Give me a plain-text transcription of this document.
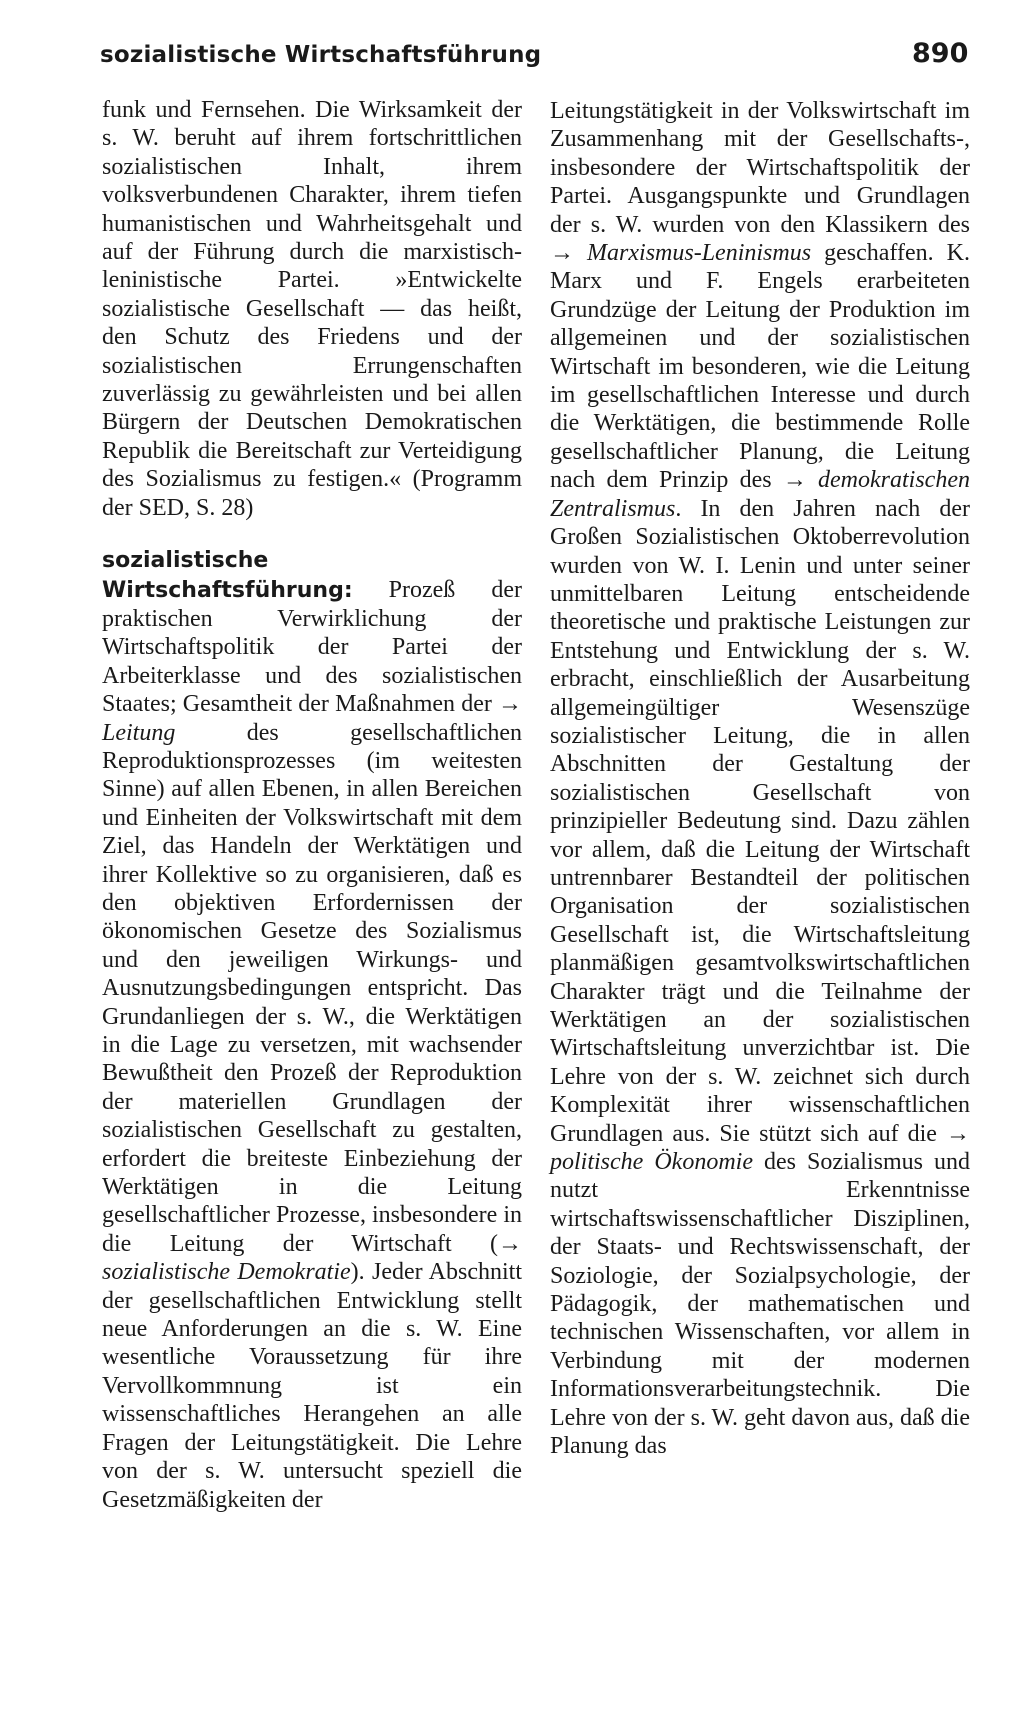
sozialistische Wirtschaftsführung	890

funk und Fernsehen. Die Wirksamkeit der s. W. beruht auf ihrem fortschrittlichen sozialistischen Inhalt, ihrem volksverbundenen Charakter, ihrem tiefen humanistischen und Wahrheitsgehalt und auf der Führung durch die marxistisch-leninistische Partei. »Entwickelte sozialistische Gesellschaft — das heißt, den Schutz des Friedens und der sozialistischen Errungenschaften zuverlässig zu gewährleisten und bei allen Bürgern der Deutschen Demokratischen Republik die Bereitschaft zur Verteidigung des Sozialismus zu festigen.« (Programm der SED, S. 28)

sozialistische Wirtschaftsführung: Prozeß der praktischen Verwirklichung der Wirtschaftspolitik der Partei der Arbeiterklasse und des sozialistischen Staates; Gesamtheit der Maßnahmen der → Leitung des gesellschaftlichen Reproduktionsprozesses (im weitesten Sinne) auf allen Ebenen, in allen Bereichen und Einheiten der Volkswirtschaft mit dem Ziel, das Handeln der Werktätigen und ihrer Kollektive so zu organisieren, daß es den objektiven Erfordernissen der ökonomischen Gesetze des Sozialismus und den jeweiligen Wirkungs- und Ausnutzungsbedingungen entspricht. Das Grundanliegen der s. W., die Werktätigen in die Lage zu versetzen, mit wachsender Bewußtheit den Prozeß der Reproduktion der materiellen Grundlagen der sozialistischen Gesellschaft zu gestalten, erfordert die breiteste Einbeziehung der Werktätigen in die Leitung gesellschaftlicher Prozesse, insbesondere in die Leitung der Wirtschaft (→ sozialistische Demokratie). Jeder Abschnitt der gesellschaftlichen Entwicklung stellt neue Anforderungen an die s. W. Eine wesentliche Voraussetzung für ihre Vervollkommnung ist ein wissenschaftliches Herangehen an alle Fragen der Leitungstätigkeit. Die Lehre von der s. W. untersucht speziell die Gesetzmäßigkeiten der

Leitungstätigkeit in der Volkswirtschaft im Zusammenhang mit der Gesellschafts-, insbesondere der Wirtschaftspolitik der Partei. Ausgangspunkte und Grundlagen der s. W. wurden von den Klassikern des → Marxismus-Leninismus geschaffen. K. Marx und F. Engels erarbeiteten Grundzüge der Leitung der Produktion im allgemeinen und der sozialistischen Wirtschaft im besonderen, wie die Leitung im gesellschaftlichen Interesse und durch die Werktätigen, die bestimmende Rolle gesellschaftlicher Planung, die Leitung nach dem Prinzip des → demokratischen Zentralismus. In den Jahren nach der Großen Sozialistischen Oktoberrevolution wurden von W. I. Lenin und unter seiner unmittelbaren Leitung entscheidende theoretische und praktische Leistungen zur Entstehung und Entwicklung der s. W. erbracht, einschließlich der Ausarbeitung allgemeingültiger Wesenszüge sozialistischer Leitung, die in allen Abschnitten der Gestaltung der sozialistischen Gesellschaft von prinzipieller Bedeutung sind. Dazu zählen vor allem, daß die Leitung der Wirtschaft untrennbarer Bestandteil der politischen Organisation der sozialistischen Gesellschaft ist, die Wirtschaftsleitung planmäßigen gesamtvolkswirtschaftlichen Charakter trägt und die Teilnahme der Werktätigen an der sozialistischen Wirtschaftsleitung unverzichtbar ist. Die Lehre von der s. W. zeichnet sich durch Komplexität ihrer wissenschaftlichen Grundlagen aus. Sie stützt sich auf die → politische Ökonomie des Sozialismus und nutzt Erkenntnisse wirtschaftswissenschaftlicher Disziplinen, der Staats- und Rechtswissenschaft, der Soziologie, der Sozialpsychologie, der Pädagogik, der mathematischen und technischen Wissenschaften, vor allem in Verbindung mit der modernen Informationsverarbeitungstechnik. Die Lehre von der s. W. geht davon aus, daß die Planung das
